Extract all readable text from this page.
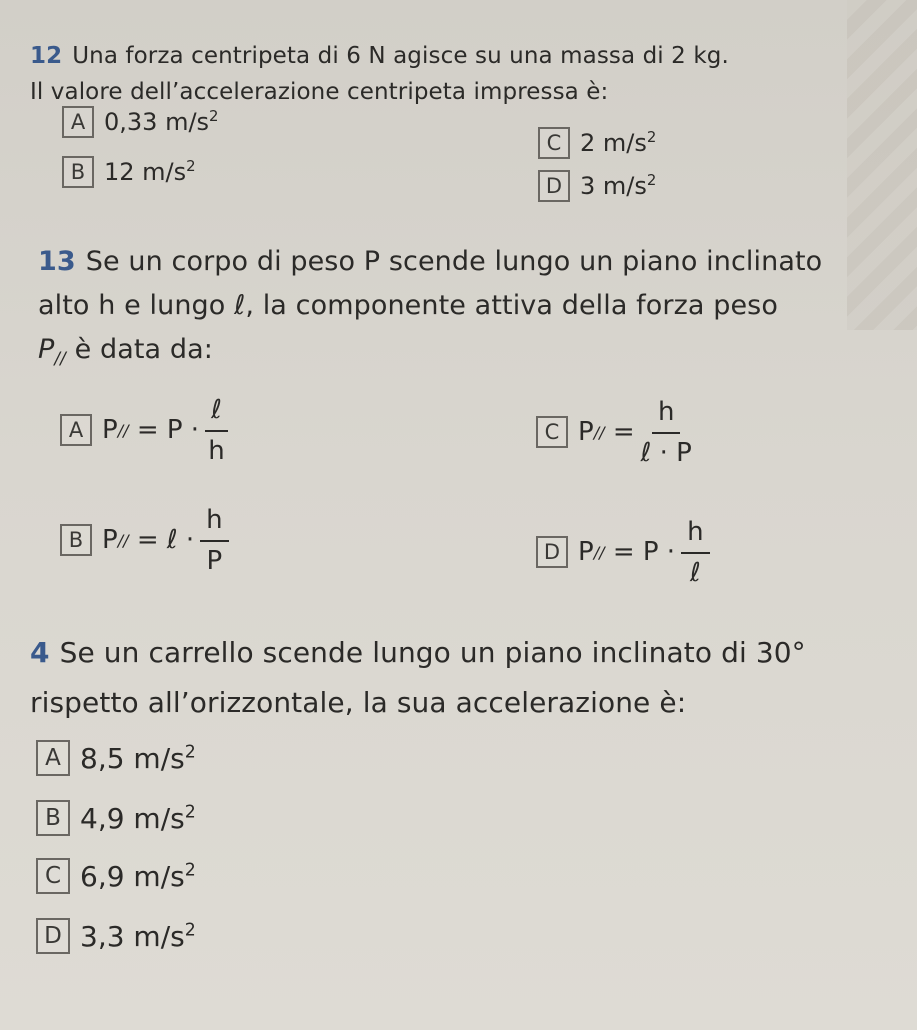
12 Una forza centripeta di 6 N agisce su una massa di 2 kg.
Il valore dell’accelerazione centripeta impressa è:
A 0,33 $m/s^2$
B 12 $m/s^2$
C 2 $m/s^2$
D 3 $m/s^2$
13 Se un corpo di peso P scende lungo un piano inclinato
alto h e lungo ℓ, la componente attiva della forza peso
$P_{//}$ è data da:
A P //
= $P \cdot \frac{\text{ℓ}}{h}$
B P //
= ℓ · $\frac{h}{P}$
C P //
= $\frac{h}{\text{ℓ · P}}$
D P //
= $P \cdot \frac{h}{\text{ℓ}}$
4 Se un carrello scende lungo un piano inclinato di 30°
rispetto all’orizzontale, la sua accelerazione è:
A 8,5 $m/s^2$
B 4,9 $m/s^2$
C 6,9 $m/s^2$
D 3,3 $m/s^2$
